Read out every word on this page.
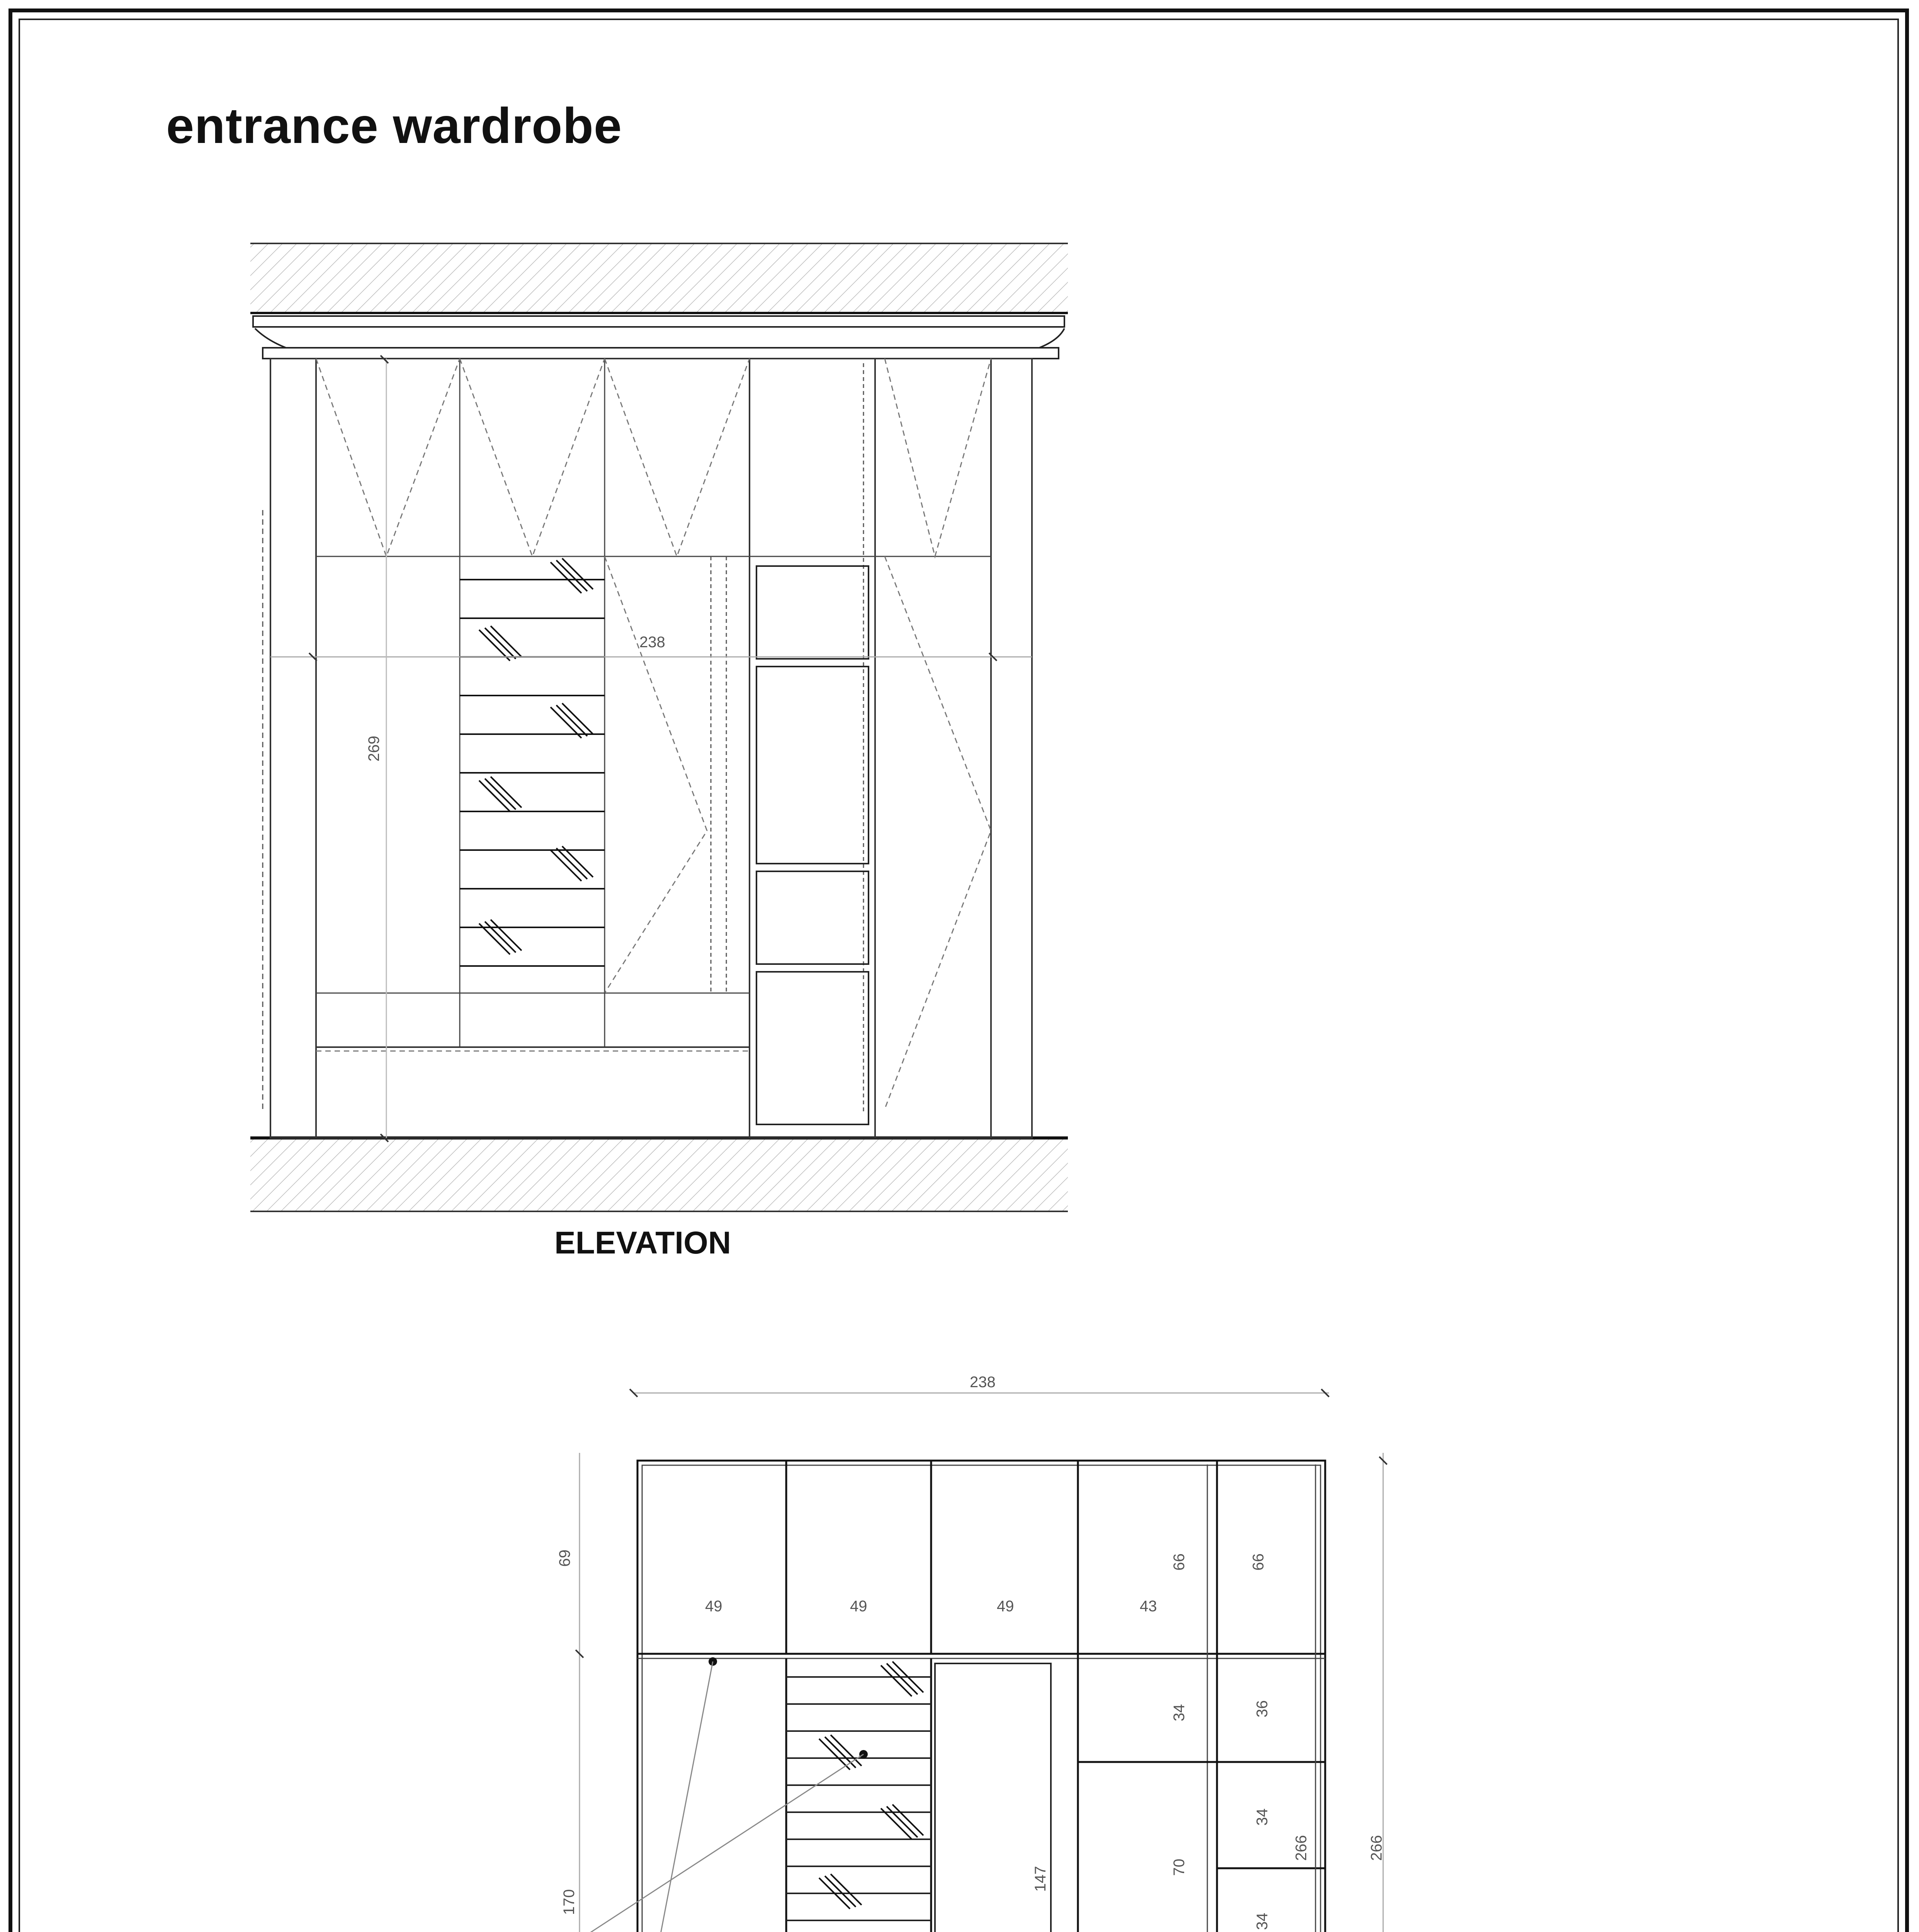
entrance wardrobe
238
269
ELEVATION
238
69
170
266
266
49	49	49	43
66	66
147
34
70
36
34
34
